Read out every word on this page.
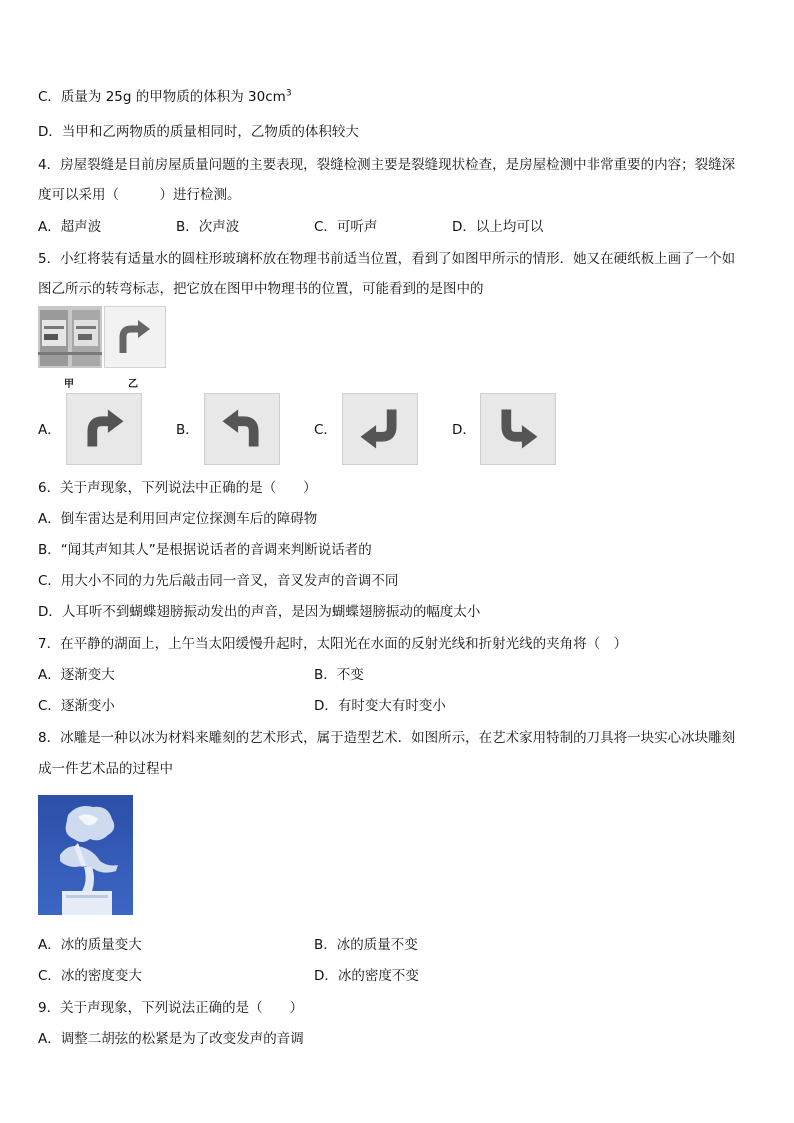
C．质量为 25g 的甲物质的体积为 $30cm^3$
D．当甲和乙两物质的质量相同时，乙物质的体积较大
4．房屋裂缝是目前房屋质量问题的主要表现，裂缝检测主要是裂缝现状检查，是房屋检测中非常重要的内容；裂缝深
度可以采用（　　　）进行检测。
A．超声波	B．次声波	C．可听声	D．以上均可以
5．小红将装有适量水的圆柱形玻璃杯放在物理书前适当位置，看到了如图甲所示的情形．她又在硬纸板上画了一个如
图乙所示的转弯标志，把它放在图甲中物理书的位置，可能看到的是图中的
甲	乙
A．	B．	C．	D．
6．关于声现象，下列说法中正确的是（　　）
A．倒车雷达是利用回声定位探测车后的障碍物
B．“闻其声知其人”是根据说话者的音调来判断说话者的
C．用大小不同的力先后敲击同一音叉，音叉发声的音调不同
D．人耳听不到蝴蝶翅膀振动发出的声音，是因为蝴蝶翅膀振动的幅度太小
7．在平静的湖面上，上午当太阳缓慢升起时，太阳光在水面的反射光线和折射光线的夹角将（　）
A．逐渐变大	B．不变
C．逐渐变小	D．有时变大有时变小
8．冰雕是一种以冰为材料来雕刻的艺术形式，属于造型艺术．如图所示，在艺术家用特制的刀具将一块实心冰块雕刻
成一件艺术品的过程中
A．冰的质量变大	B．冰的质量不变
C．冰的密度变大	D．冰的密度不变
9．关于声现象，下列说法正确的是（　　）
A．调整二胡弦的松紧是为了改变发声的音调
